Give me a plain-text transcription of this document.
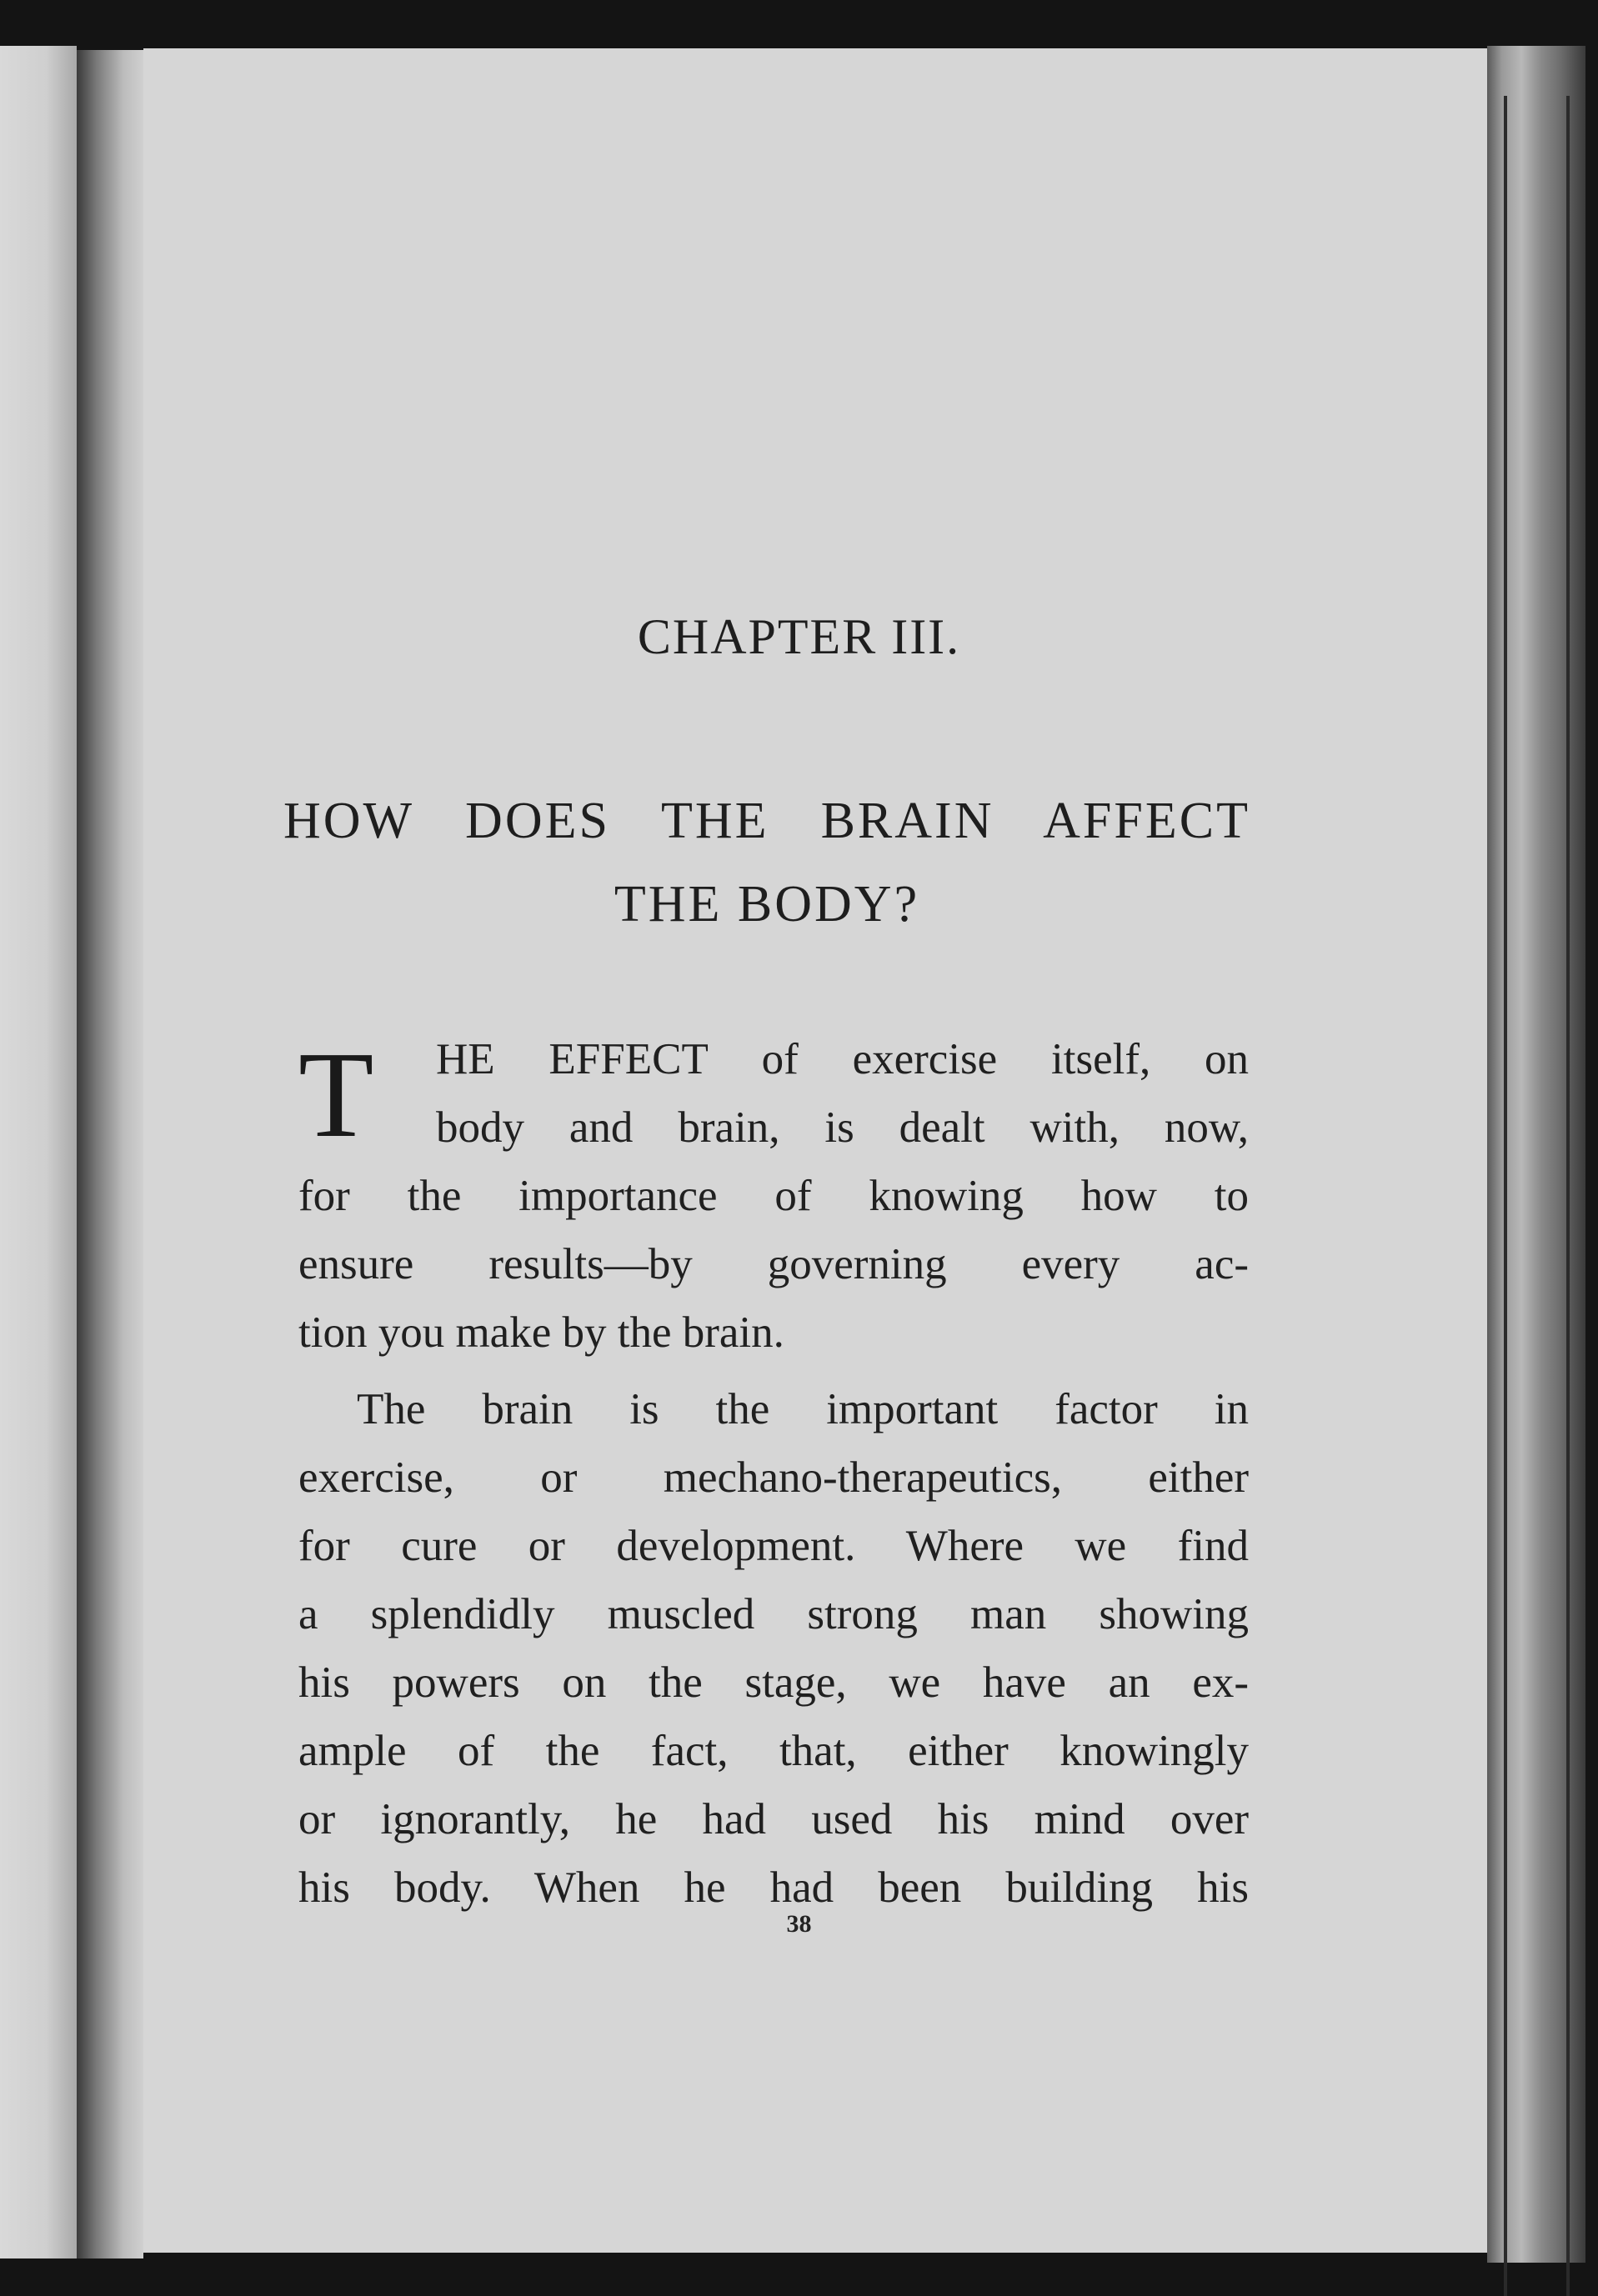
CHAPTER III.
HOW DOES THE BRAIN AFFECT
THE BODY?

T	HE EFFECT of exercise itself, on
body and brain, is dealt with, now,
for the importance of knowing how to
ensure results—by governing every ac-
tion you make by the brain.

The brain is the important factor in
exercise, or mechano-therapeutics, either
for cure or development. Where we find
a splendidly muscled strong man showing
his powers on the stage, we have an ex-
ample of the fact, that, either knowingly
or ignorantly, he had used his mind over
his body. When he had been building his

38
